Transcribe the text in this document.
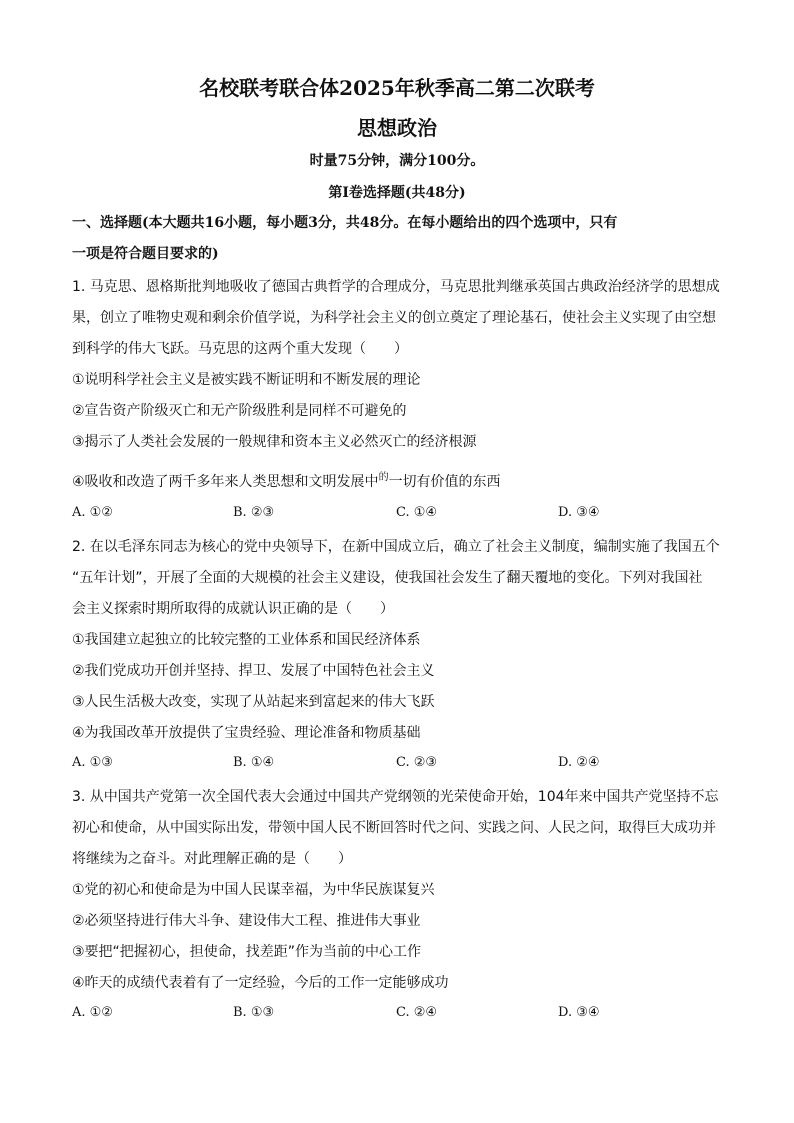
名校联考联合体2025年秋季高二第二次联考
思想政治
时量75分钟，满分100分。
第Ⅰ卷选择题(共48分)
一、选择题(本大题共16小题，每小题3分，共48分。在每小题给出的四个选项中，只有
一项是符合题目要求的)
1. 马克思、恩格斯批判地吸收了德国古典哲学的合理成分，马克思批判继承英国古典政治经济学的思想成
果，创立了唯物史观和剩余价值学说，为科学社会主义的创立奠定了理论基石，使社会主义实现了由空想
到科学的伟大飞跃。马克思的这两个重大发现（　　）
①说明科学社会主义是被实践不断证明和不断发展的理论
②宣告资产阶级灭亡和无产阶级胜利是同样不可避免的
③揭示了人类社会发展的一般规律和资本主义必然灭亡的经济根源
④吸收和改造了两千多年来人类思想和文明发展中$^的$一切有价值的东西
A. ①②	B. ②③	C. ①④	D. ③④
2. 在以毛泽东同志为核心的党中央领导下，在新中国成立后，确立了社会主义制度，编制实施了我国五个
“五年计划”，开展了全面的大规模的社会主义建设，使我国社会发生了翻天覆地的变化。下列对我国社
会主义探索时期所取得的成就认识正确的是（　　）
①我国建立起独立的比较完整的工业体系和国民经济体系
②我们党成功开创并坚持、捍卫、发展了中国特色社会主义
③人民生活极大改变，实现了从站起来到富起来的伟大飞跃
④为我国改革开放提供了宝贵经验、理论准备和物质基础
A. ①③	B. ①④	C. ②③	D. ②④
3. 从中国共产党第一次全国代表大会通过中国共产党纲领的光荣使命开始，104年来中国共产党坚持不忘
初心和使命，从中国实际出发，带领中国人民不断回答时代之问、实践之问、人民之问，取得巨大成功并
将继续为之奋斗。对此理解正确的是（　　）
①党的初心和使命是为中国人民谋幸福，为中华民族谋复兴
②必须坚持进行伟大斗争、建设伟大工程、推进伟大事业
③要把“把握初心，担使命，找差距”作为当前的中心工作
④昨天的成绩代表着有了一定经验，今后的工作一定能够成功
A. ①②	B. ①③	C. ②④	D. ③④
